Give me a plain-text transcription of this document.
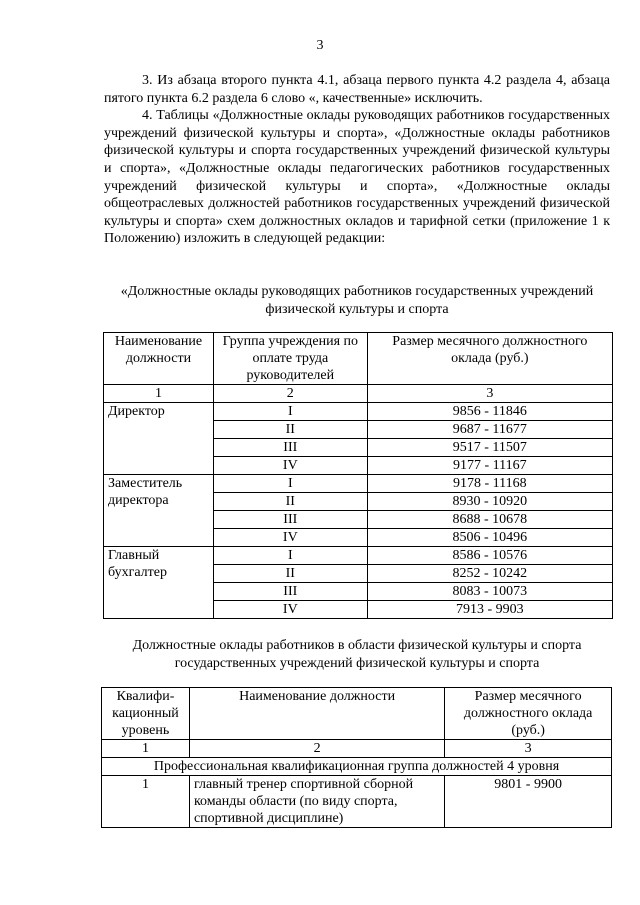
3

3. Из абзаца второго пункта 4.1, абзаца первого пункта 4.2 раздела 4, абзаца пятого пункта 6.2 раздела 6 слово «, качественные» исключить.

4. Таблицы «Должностные оклады руководящих работников государственных учреждений физической культуры и спорта», «Должностные оклады работников физической культуры и спорта государственных учреждений физической культуры и спорта», «Должностные оклады педагогических работников государственных учреждений физической культуры и спорта», «Должностные оклады общеотраслевых должностей работников государственных учреждений физической культуры и спорта» схем должностных окладов и тарифной сетки (приложение 1 к Положению) изложить в следующей редакции:

«Должностные оклады руководящих работников государственных учреждений физической культуры и спорта
Наименование должности	Группа учреждения по оплате труда руководителей	Размер месячного должностного оклада (руб.)
1	2	3
Директор	I	9856 - 11846
	II	9687 - 11677
	III	9517 - 11507
	IV	9177 - 11167
Заместитель директора	I	9178 - 11168
	II	8930 - 10920
	III	8688 - 10678
	IV	8506 - 10496
Главный бухгалтер	I	8586 - 10576
	II	8252 - 10242
	III	8083 - 10073
	IV	7913 - 9903
Должностные оклады работников в области физической культуры и спорта государственных учреждений физической культуры и спорта
Квалифи-кационный уровень	Наименование должности	Размер месячного должностного оклада (руб.)
1	2	3
Профессиональная квалификационная группа должностей 4 уровня		
1	главный тренер спортивной сборной команды области (по виду спорта, спортивной дисциплине)	9801 - 9900
